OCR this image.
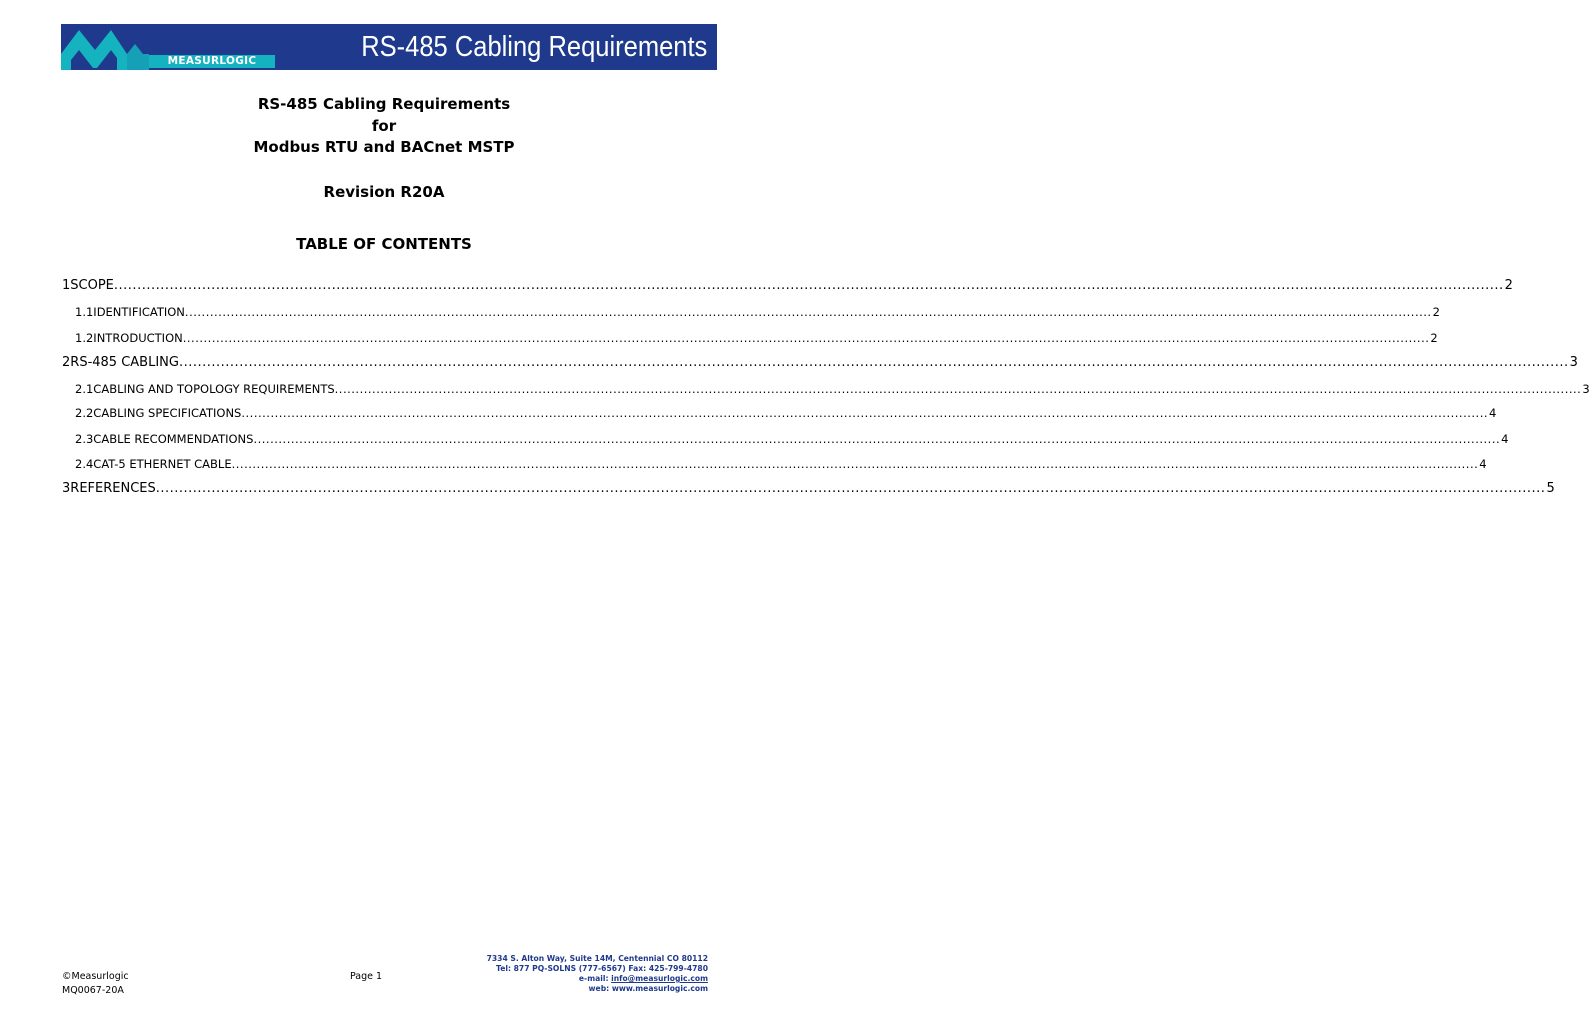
MEASURLOGIC	RS-485 Cabling Requirements
RS-485 Cabling Requirements
for
Modbus RTU and BACnet MSTP
Revision R20A
TABLE OF CONTENTS
1 SCOPE ............................................................................................................................................................................................................................................................................................................ 2
1.1 IDENTIFICATION ............................................................................................................................................................................................................................................................................................................ 2
1.2 INTRODUCTION ............................................................................................................................................................................................................................................................................................................ 2
2 RS-485 CABLING ............................................................................................................................................................................................................................................................................................................ 3
2.1 CABLING AND TOPOLOGY REQUIREMENTS ............................................................................................................................................................................................................................................................................................................ 3
2.2 CABLING SPECIFICATIONS ............................................................................................................................................................................................................................................................................................................ 4
2.3 CABLE RECOMMENDATIONS ............................................................................................................................................................................................................................................................................................................ 4
2.4 CAT-5 ETHERNET CABLE ............................................................................................................................................................................................................................................................................................................ 4
3 REFERENCES ............................................................................................................................................................................................................................................................................................................ 5
©Measurlogic
MQ0067-20A
Page 1
7334 S. Alton Way, Suite 14M, Centennial CO 80112
Tel: 877 PQ-SOLNS (777-6567) Fax: 425-799-4780
e-mail: info@measurlogic.com
web: www.measurlogic.com
